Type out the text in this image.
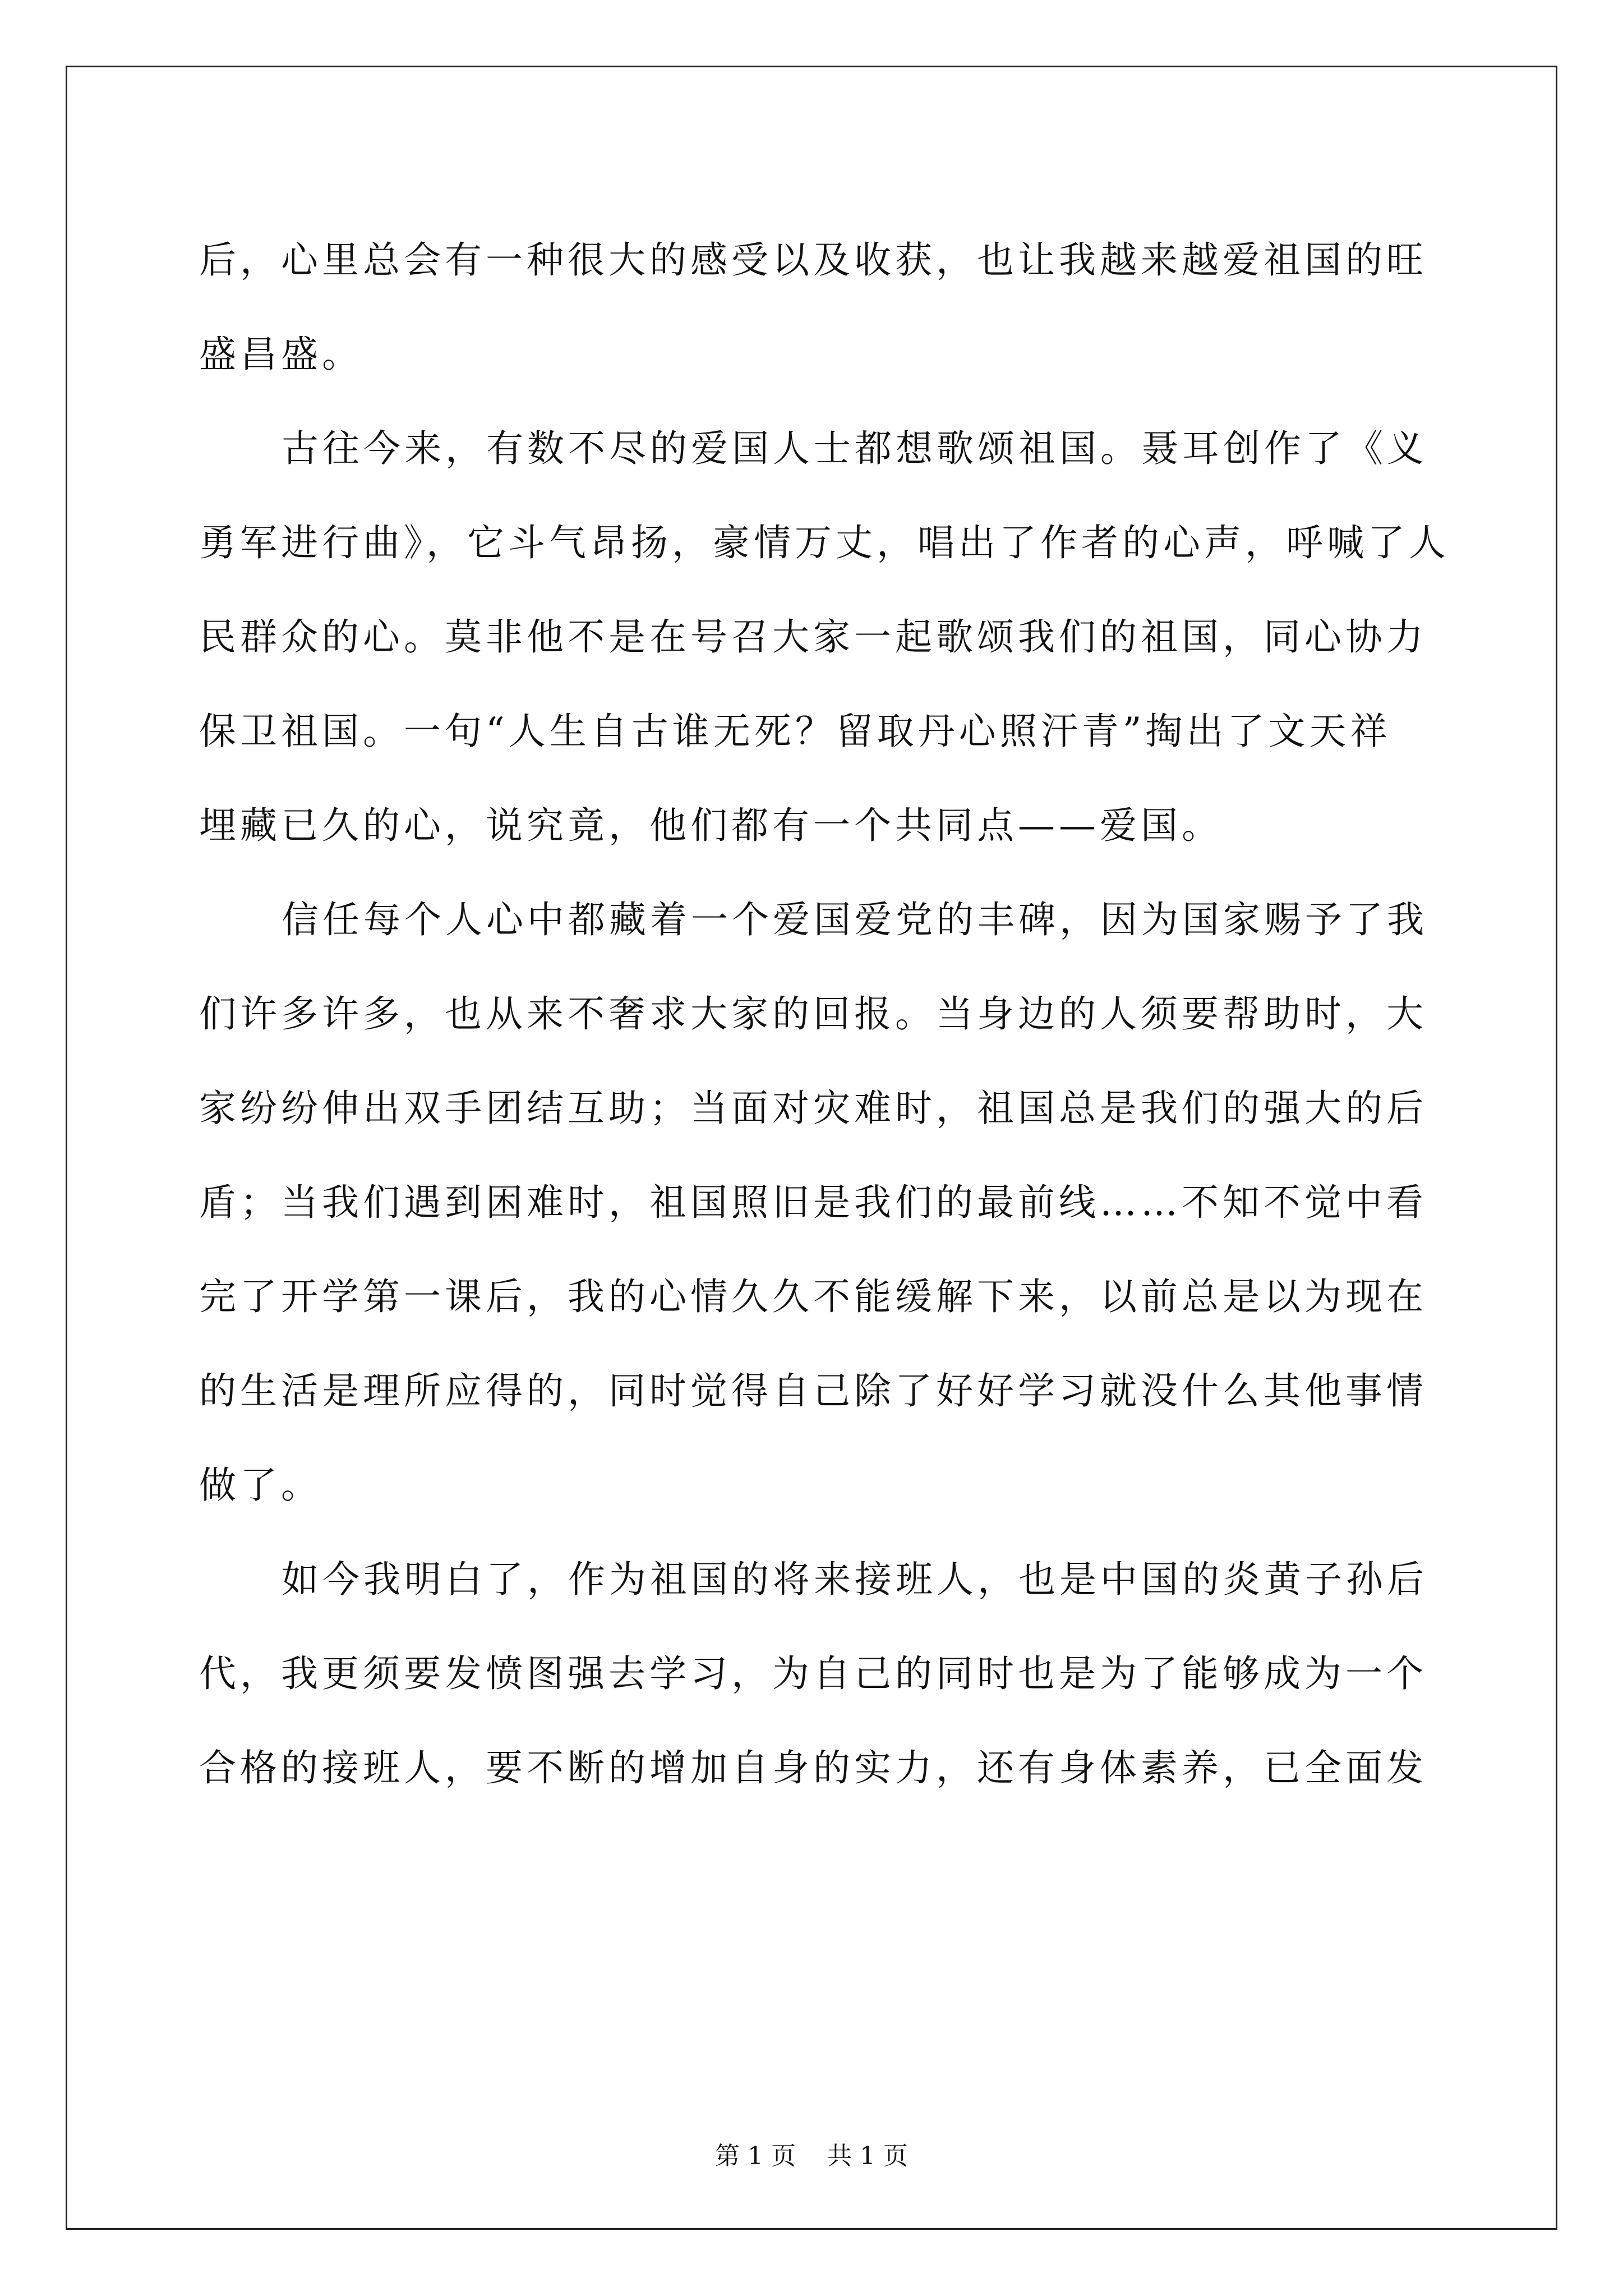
后，心里总会有一种很大的感受以及收获，也让我越来越爱祖国的旺

盛昌盛。

古往今来，有数不尽的爱国人士都想歌颂祖国。聂耳创作了《义

勇军进行曲》，它斗气昂扬，豪情万丈，唱出了作者的心声，呼喊了人

民群众的心。莫非他不是在号召大家一起歌颂我们的祖国，同心协力

保卫祖国。一句“人生自古谁无死？留取丹心照汗青”掏出了文天祥

埋藏已久的心，说究竟，他们都有一个共同点——爱国。

信任每个人心中都藏着一个爱国爱党的丰碑，因为国家赐予了我

们许多许多，也从来不奢求大家的回报。当身边的人须要帮助时，大

家纷纷伸出双手团结互助；当面对灾难时，祖国总是我们的强大的后

盾；当我们遇到困难时，祖国照旧是我们的最前线……不知不觉中看

完了开学第一课后，我的心情久久不能缓解下来，以前总是以为现在

的生活是理所应得的，同时觉得自己除了好好学习就没什么其他事情

做了。

如今我明白了，作为祖国的将来接班人，也是中国的炎黄子孙后

代，我更须要发愤图强去学习，为自己的同时也是为了能够成为一个

合格的接班人，要不断的增加自身的实力，还有身体素养，已全面发

第 1 页    共 1 页
